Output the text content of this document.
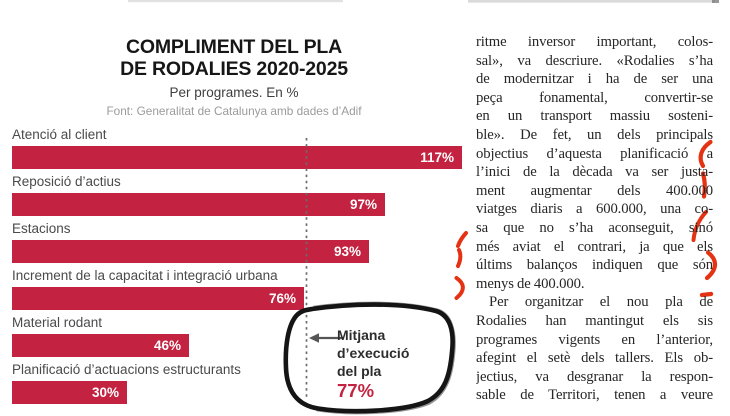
COMPLIMENT DEL PLA
DE RODALIES 2020-2025
Per programes. En %
Font: Generalitat de Catalunya amb dades d’Adif
Atenció al client
117%
Reposició d’actius
97%
Estacions
93%
Increment de la capacitat i integració urbana
76%
Material rodant
46%
Planificació d’actuacions estructurants
30%
Mitjana
d’execució
del pla
77%
ritme inversor important, colos-
sal», va descriure. «Rodalies s’ha
de modernitzar i ha de ser una
peça fonamental, convertir-se
en un transport massiu sosteni-
ble». De fet, un dels principals
objectius d’aquesta planificació a
l’inici de la dècada va ser justa-
ment augmentar dels 400.000
viatges diaris a 600.000, una co-
sa que no s’ha aconseguit, sinó
més aviat el contrari, ja que els
últims balanços indiquen que són
menys de 400.000.
Per organitzar el nou pla de
Rodalies han mantingut els sis
programes vigents en l’anterior,
afegint el setè dels tallers. Els ob-
jectius, va desgranar la respon-
sable de Territori, tenen a veure
